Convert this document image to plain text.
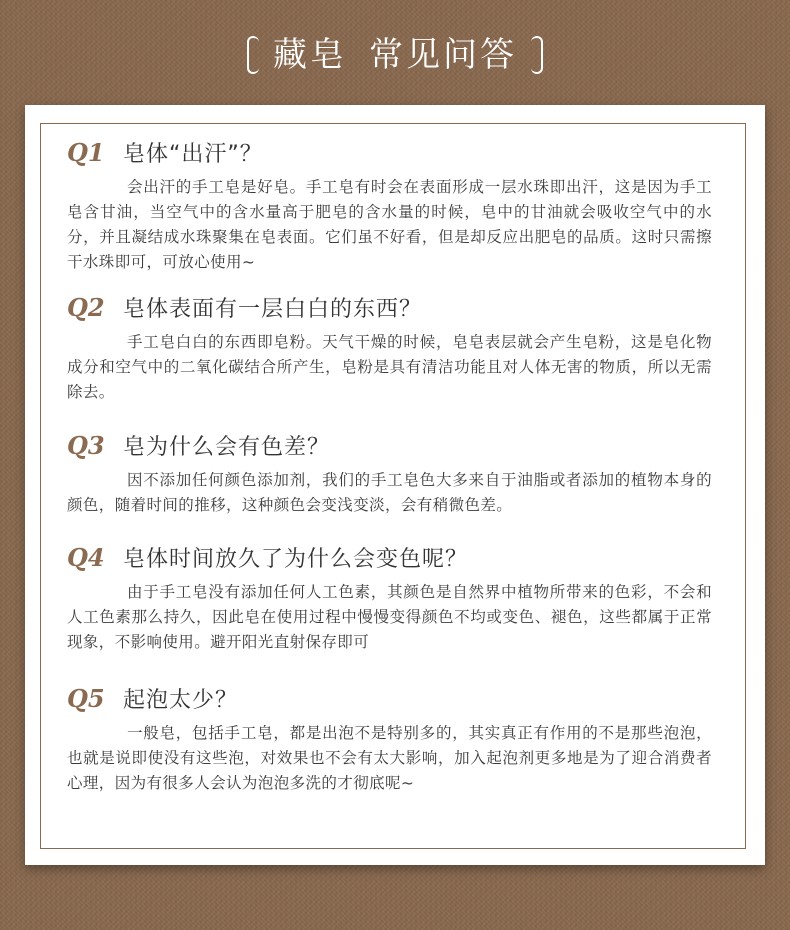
藏皂 常见问答
Q1 皂体“出汗”？
会出汗的手工皂是好皂。手工皂有时会在表面形成一层水珠即出汗，这是因为手工皂含甘油，当空气中的含水量高于肥皂的含水量的时候，皂中的甘油就会吸收空气中的水分，并且凝结成水珠聚集在皂表面。它们虽不好看，但是却反应出肥皂的品质。这时只需擦干水珠即可，可放心使用~
Q2 皂体表面有一层白白的东西？
手工皂白白的东西即皂粉。天气干燥的时候，皂皂表层就会产生皂粉，这是皂化物成分和空气中的二氧化碳结合所产生，皂粉是具有清洁功能且对人体无害的物质，所以无需除去。
Q3 皂为什么会有色差？
因不添加任何颜色添加剂，我们的手工皂色大多来自于油脂或者添加的植物本身的颜色，随着时间的推移，这种颜色会变浅变淡，会有稍微色差。
Q4 皂体时间放久了为什么会变色呢？
由于手工皂没有添加任何人工色素，其颜色是自然界中植物所带来的色彩，不会和人工色素那么持久，因此皂在使用过程中慢慢变得颜色不均或变色、褪色，这些都属于正常现象，不影响使用。避开阳光直射保存即可
Q5 起泡太少？
一般皂，包括手工皂，都是出泡不是特别多的，其实真正有作用的不是那些泡泡，也就是说即使没有这些泡，对效果也不会有太大影响，加入起泡剂更多地是为了迎合消费者心理，因为有很多人会认为泡泡多洗的才彻底呢~
